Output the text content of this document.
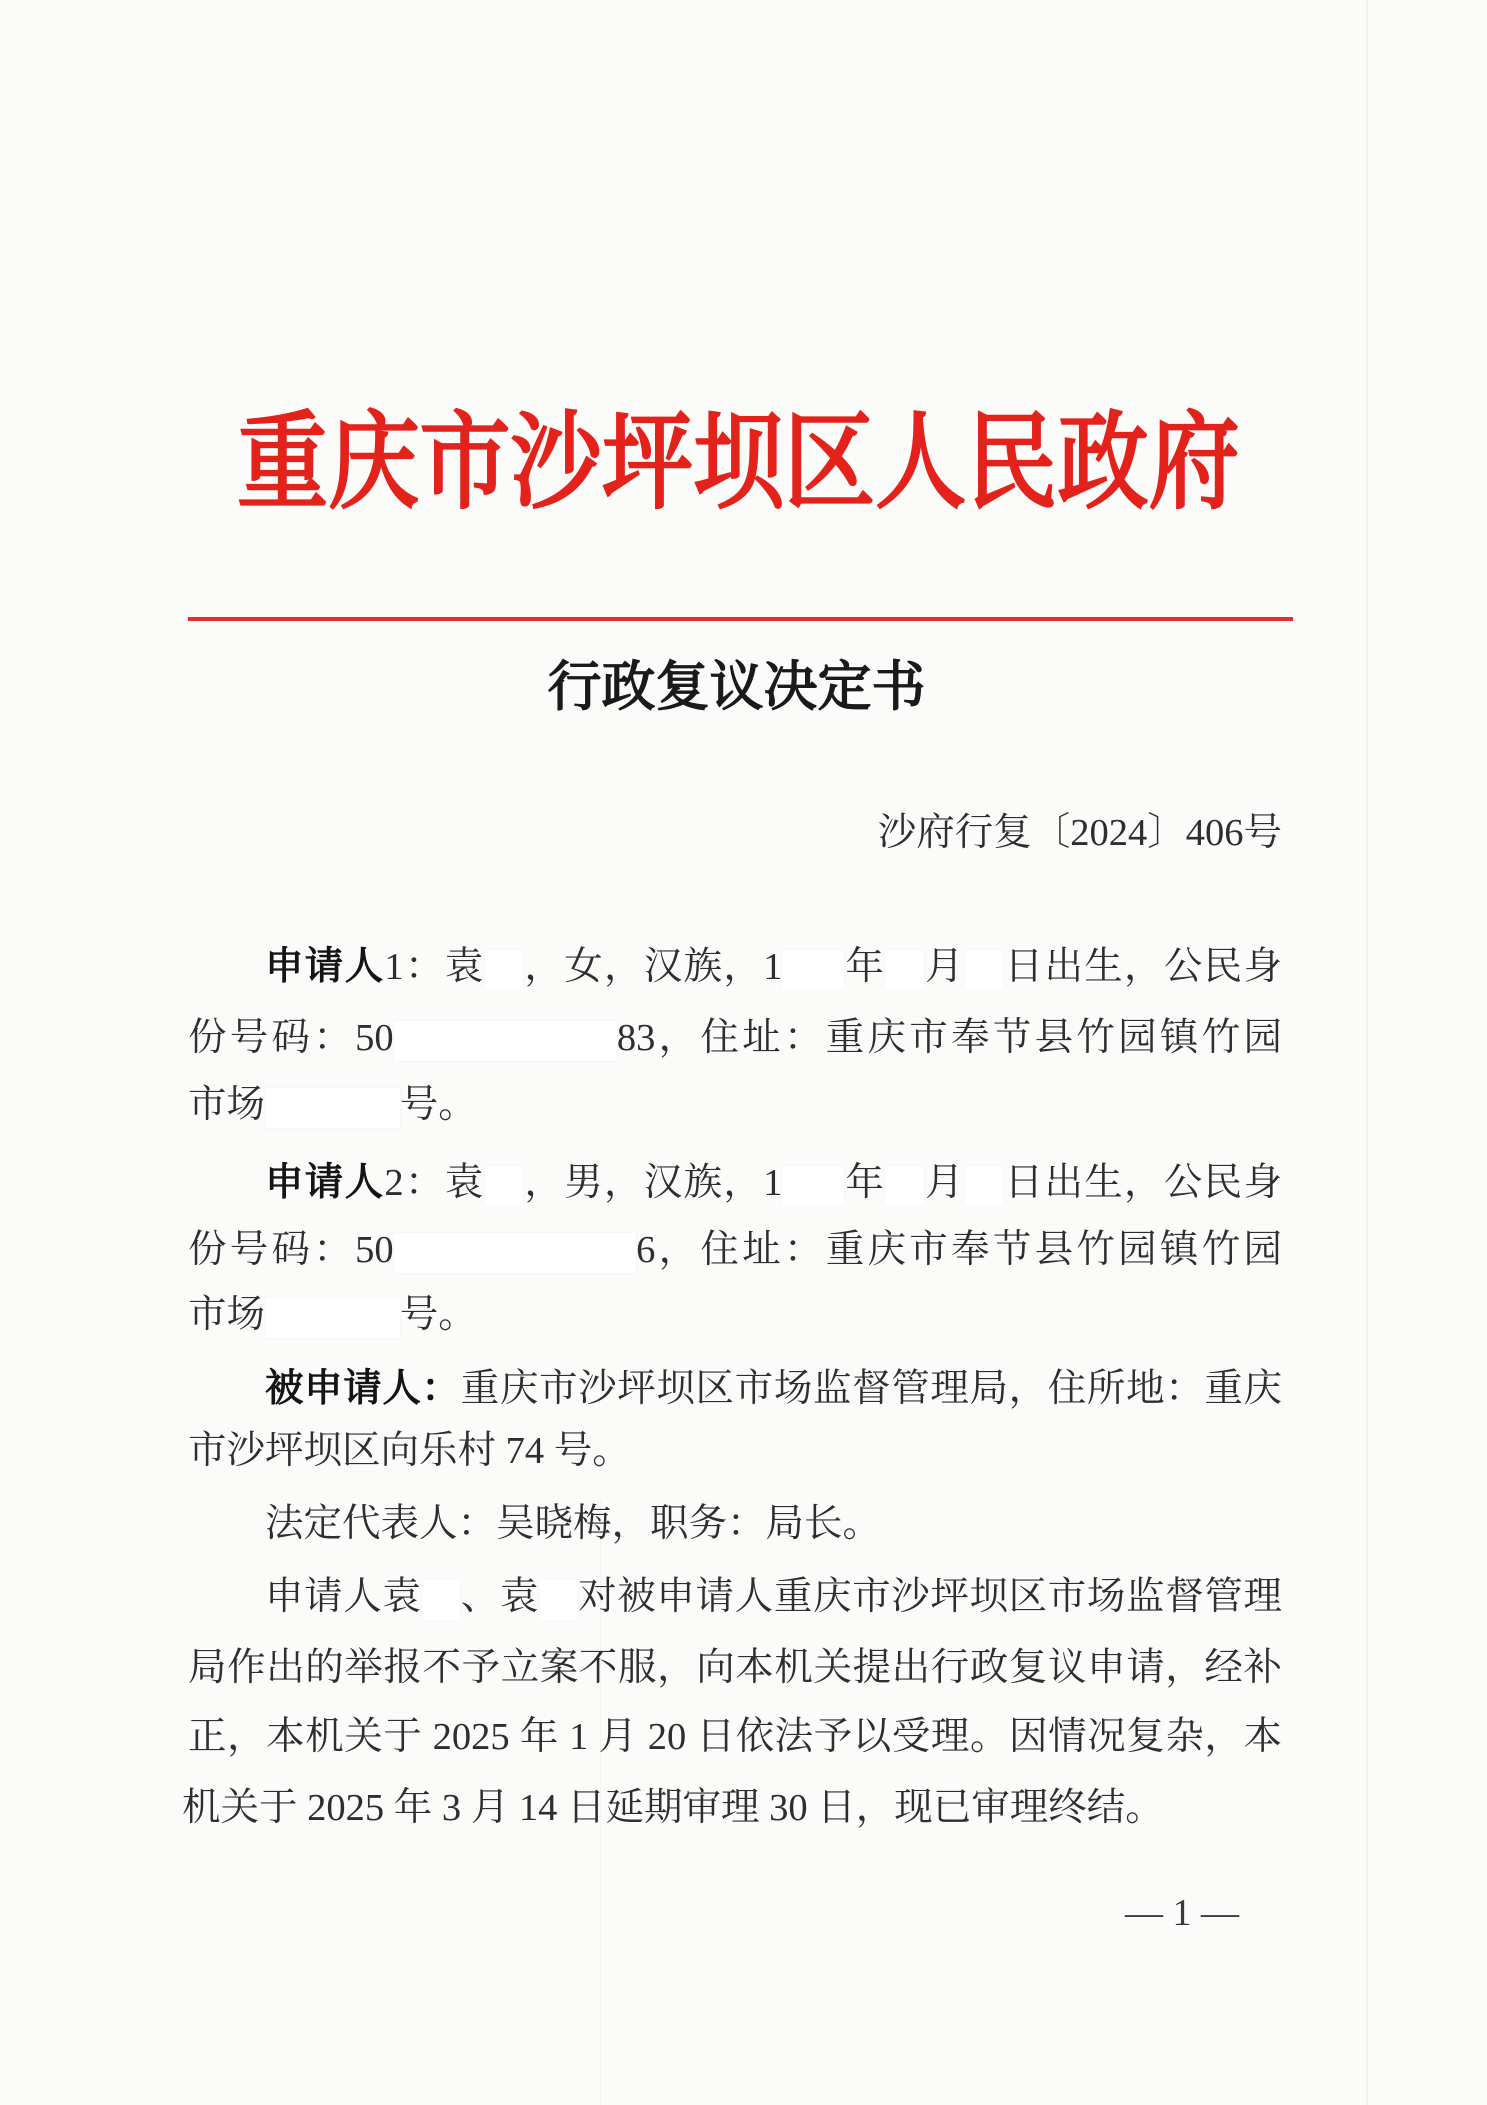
重庆市沙坪坝区人民政府
行政复议决定书
沙府行复〔2024〕406号
申请人1：袁 ，女，汉族，1 年 月 日出生，公民身
份号码：50	83，住址：重庆市奉节县竹园镇竹园
市场	号。
申请人2：袁 ，男，汉族，1 年 月 日出生，公民身
份号码：50	6，住址：重庆市奉节县竹园镇竹园
市场	号。
被申请人：重庆市沙坪坝区市场监督管理局，住所地：重庆
市沙坪坝区向乐村 74 号。
法定代表人：吴晓梅，职务：局长。
申请人袁 、袁 对被申请人重庆市沙坪坝区市场监督管理
局作出的举报不予立案不服，向本机关提出行政复议申请，经补
正，本机关于 2025 年 1 月 20 日依法予以受理。因情况复杂，本
机关于 2025 年 3 月 14 日延期审理 30 日，现已审理终结。
— 1 —
